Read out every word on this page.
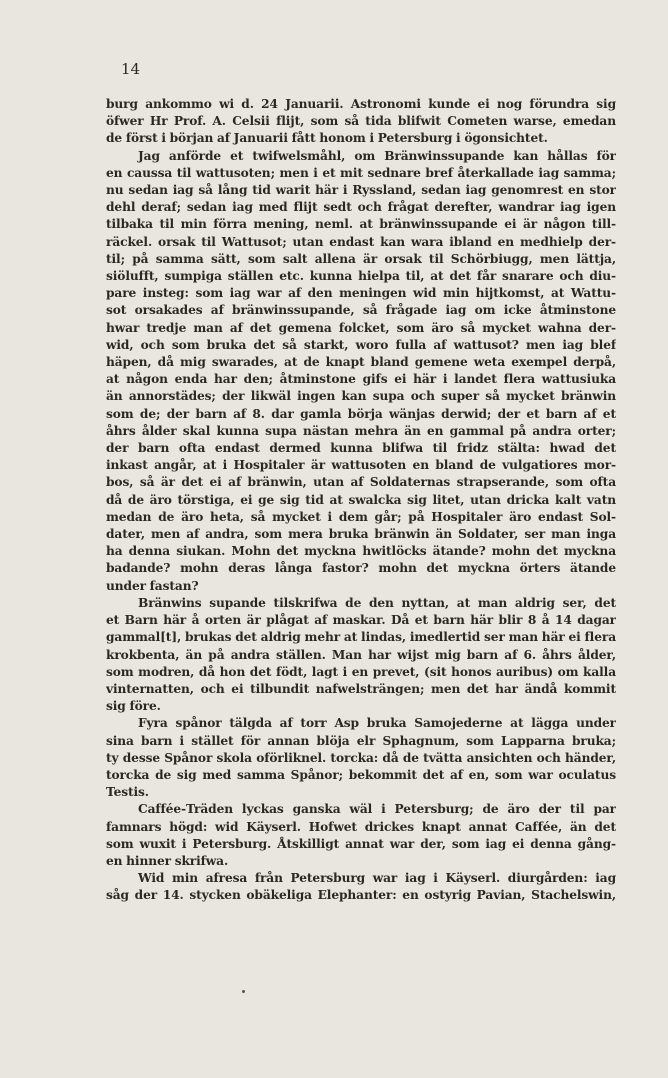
14
burg ankommo wi d. 24 Januarii. Astronomi kunde ei nog förundra sig
öfwer Hr Prof. A. Celsii flijt, som så tida blifwit Cometen warse, emedan
de först i början af Januarii fått honom i Petersburg i ögonsichtet.
Jag anförde et twifwelsmåhl, om Bränwinssupande kan hållas för
en caussa til wattusoten; men i et mit sednare bref återkallade iag samma;
nu sedan iag så lång tid warit här i Ryssland, sedan iag genomrest en stor
dehl deraf; sedan iag med flijt sedt och frågat derefter, wandrar iag igen
tilbaka til min förra mening, neml. at bränwinssupande ei är någon till-
räckel. orsak til Wattusot; utan endast kan wara ibland en medhielp der-
til; på samma sätt, som salt allena är orsak til Schörbiugg, men lättja,
siölufft, sumpiga ställen etc. kunna hielpa til, at det får snarare och diu-
pare insteg: som iag war af den meningen wid min hijtkomst, at Wattu-
sot orsakades af bränwinssupande, så frågade iag om icke åtminstone
hwar tredje man af det gemena folcket, som äro så mycket wahna der-
wid, och som bruka det så starkt, woro fulla af wattusot? men iag blef
häpen, då mig swarades, at de knapt bland gemene weta exempel derpå,
at någon enda har den; åtminstone gifs ei här i landet flera wattusiuka
än annorstädes; der likwäl ingen kan supa och super så mycket bränwin
som de; der barn af 8. dar gamla börja wänjas derwid; der et barn af et
åhrs ålder skal kunna supa nästan mehra än en gammal på andra orter;
der barn ofta endast dermed kunna blifwa til fridz stälta: hwad det
inkast angår, at i Hospitaler är wattusoten en bland de vulgatiores mor-
bos, så är det ei af bränwin, utan af Soldaternas strapserande, som ofta
då de äro törstiga, ei ge sig tid at swalcka sig litet, utan dricka kalt vatn
medan de äro heta, så mycket i dem går; på Hospitaler äro endast Sol-
dater, men af andra, som mera bruka bränwin än Soldater, ser man inga
ha denna siukan. Mohn det myckna hwitlöcks ätande? mohn det myckna
badande? mohn deras långa fastor? mohn det myckna örters ätande
under fastan?
Bränwins supande tilskrifwa de den nyttan, at man aldrig ser, det
et Barn här å orten är plågat af maskar. Då et barn här blir 8 å 14 dagar
gammal[t], brukas det aldrig mehr at lindas, imedlertid ser man här ei flera
krokbenta, än på andra ställen. Man har wijst mig barn af 6. åhrs ålder,
som modren, då hon det födt, lagt i en prevet, (sit honos auribus) om kalla
vinternatten, och ei tilbundit nafwelsträngen; men det har ändå kommit
sig före.
Fyra spånor tälgda af torr Asp bruka Samojederne at lägga under
sina barn i stället för annan blöja elr Sphagnum, som Lapparna bruka;
ty desse Spånor skola oförliknel. torcka: då de tvätta ansichten och händer,
torcka de sig med samma Spånor; bekommit det af en, som war oculatus
Testis.
Cafféе-Träden lyckas ganska wäl i Petersburg; de äro der til par
famnars högd: wid Käyserl. Hofwet drickes knapt annat Caffée, än det
som wuxit i Petersburg. Åtskilligt annat war der, som iag ei denna gång-
en hinner skrifwa.
Wid min afresa från Petersburg war iag i Käyserl. diurgården: iag
såg der 14. stycken obäkeliga Elephanter: en ostyrig Pavian, Stachelswin,
